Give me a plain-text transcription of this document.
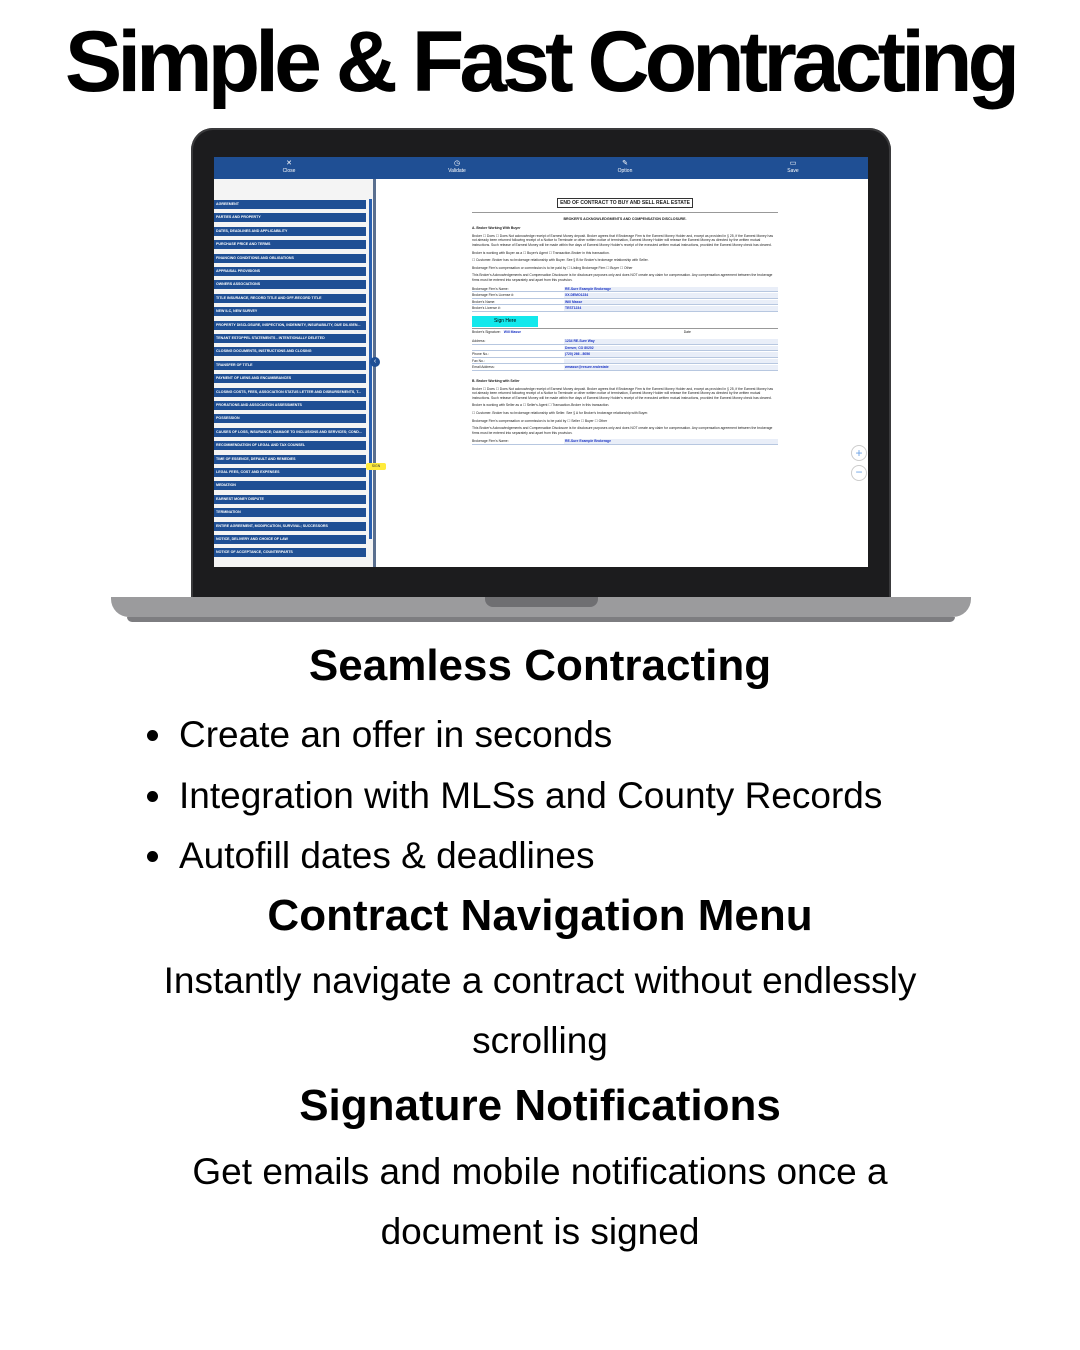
Simple & Fast Contracting
✕
Close
◷
Validate
✎
Option
▭
Save
AGREEMENT
PARTIES AND PROPERTY
DATES, DEADLINES AND APPLICABILITY
PURCHASE PRICE AND TERMS
FINANCING CONDITIONS AND OBLIGATIONS
APPRAISAL PROVISIONS
OWNERS ASSOCIATIONS
TITLE INSURANCE, RECORD TITLE AND OFF-RECORD TITLE
NEW ILC, NEW SURVEY
PROPERTY DISCLOSURE, INSPECTION, INDEMNITY, INSURABILITY, DUE DILIGEN...
TENANT ESTOPPEL STATEMENTS - INTENTIONALLY DELETED
CLOSING DOCUMENTS, INSTRUCTIONS AND CLOSING
TRANSFER OF TITLE
PAYMENT OF LIENS AND ENCUMBRANCES
CLOSING COSTS, FEES, ASSOCIATION STATUS LETTER AND DISBURSEMENTS, T...
PRORATIONS AND ASSOCIATION ASSESSMENTS
POSSESSION
CAUSES OF LOSS, INSURANCE; DAMAGE TO INCLUSIONS AND SERVICES; COND...
RECOMMENDATION OF LEGAL AND TAX COUNSEL
TIME OF ESSENCE, DEFAULT AND REMEDIES
LEGAL FEES, COST AND EXPENSES
MEDIATION
EARNEST MONEY DISPUTE
TERMINATION
ENTIRE AGREEMENT, MODIFICATION, SURVIVAL; SUCCESSORS
NOTICE, DELIVERY AND CHOICE OF LAW
NOTICE OF ACCEPTANCE, COUNTERPARTS
‹
SIGN
END OF CONTRACT TO BUY AND SELL REAL ESTATE
BROKER'S ACKNOWLEDGMENTS AND COMPENSATION DISCLOSURE.
A. Broker Working With Buyer
Broker ☐ Does ☐ Does Not acknowledge receipt of Earnest Money deposit. Broker agrees that if Brokerage Firm is the Earnest Money Holder and, except as provided in § 25, if the Earnest Money has not already been returned following receipt of a Notice to Terminate or other written notice of termination, Earnest Money Holder will release the Earnest Money as directed by the written mutual instructions. Such release of Earnest Money will be made within five days of Earnest Money Holder's receipt of the executed written mutual instructions, provided the Earnest Money check has cleared.
Broker is working with Buyer as a ☐ Buyer's Agent ☐ Transaction-Broker in this transaction.
☐ Customer. Broker has no brokerage relationship with Buyer. See § B for Broker's brokerage relationship with Seller.
Brokerage Firm's compensation or commission is to be paid by ☐ Listing Brokerage Firm ☐ Buyer ☐ Other
This Broker's Acknowledgements and Compensation Disclosure is for disclosure purposes only and does NOT create any claim for compensation. Any compensation agreement between the brokerage firms must be entered into separately and apart from this provision.
Brokerage Firm's Name:	RE-Sure Example Brokerage
Brokerage Firm's License #:	XX.DEMO1234
Broker's Name:	Will Masse
Broker's License #:	TEST1234
Sign Here
Broker's Signature: Will Masse	Date
Address:	1234 RE-Sure Way
Denver, CO 80202
Phone No.:	(720) 266 - 8056
Fax No.:
Email Address:	wmasse@resure.realestate
B. Broker Working with Seller
Broker ☐ Does ☐ Does Not acknowledge receipt of Earnest Money deposit. Broker agrees that if Brokerage Firm is the Earnest Money Holder and, except as provided in § 25, if the Earnest Money has not already been returned following receipt of a Notice to Terminate or other written notice of termination, Earnest Money Holder will release the Earnest Money as directed by the written mutual instructions. Such release of Earnest Money will be made within five days of Earnest Money Holder's receipt of the executed written mutual instructions, provided the Earnest Money check has cleared.
Broker is working with Seller as a ☐ Seller's Agent ☐ Transaction-Broker in this transaction.
☐ Customer. Broker has no brokerage relationship with Seller. See § A for Broker's brokerage relationship with Buyer.
Brokerage Firm's compensation or commission is to be paid by ☐ Seller ☐ Buyer ☐ Other
This Broker's Acknowledgements and Compensation Disclosure is for disclosure purposes only and does NOT create any claim for compensation. Any compensation agreement between the brokerage firms must be entered into separately and apart from this provision.
Brokerage Firm's Name:	RE-Sure Example Brokerage
+
−
Seamless Contracting
Create an offer in seconds
Integration with MLSs and County Records
Autofill dates & deadlines
Contract Navigation Menu

Instantly navigate a contract without endlessly scrolling

Signature Notifications

Get emails and mobile notifications once a document is signed
